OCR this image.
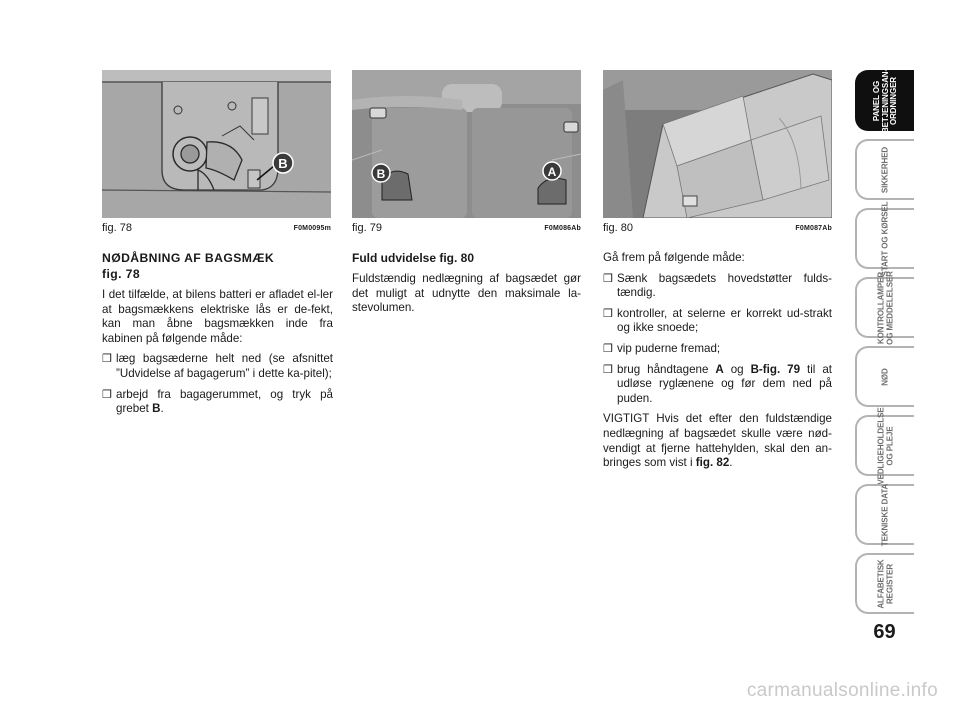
B
fig. 78	F0M0095m
B	A
fig. 79	F0M086Ab fig. 80	F0M087Ab
NØDÅBNING AF BAGSMÆK
fig. 78

I det tilfælde, at bilens batteri er afladet el-ler at bagsmækkens elektriske lås er de-fekt, kan man åbne bagsmækken inde fra kabinen på følgende måde:

❒ læg bagsæderne helt ned (se afsnittet ”Udvidelse af bagagerum” i dette ka-pitel);
❒ arbejd fra bagagerummet, og tryk på grebet B.
Fuld udvidelse fig. 80

Fuldstændig nedlægning af bagsædet gør det muligt at udnytte den maksimale la-stevolumen.

Gå frem på følgende måde:

❒ Sænk bagsædets hovedstøtter fulds-tændig.
❒ kontroller, at selerne er korrekt ud-strakt og ikke snoede;
❒ vip puderne fremad;
❒ brug håndtagene A og B-fig. 79 til at udløse ryglænene og før dem ned på puden.

VIGTIGT Hvis det efter den fuldstændige nedlægning af bagsædet skulle være nød-vendigt at fjerne hattehylden, skal den an-bringes som vist i fig. 82.

PANEL OG
BETJENINGSAN-
ORDNINGER
SIKKERHED
START OG KØRSEL
KONTROLLAMPER
OG MEDDELELSER
NØD
VEDLIGEHOLDELSE
OG PLEJE
TEKNISKE DATA
ALFABETISK
REGISTER
69
carmanualsonline.info
